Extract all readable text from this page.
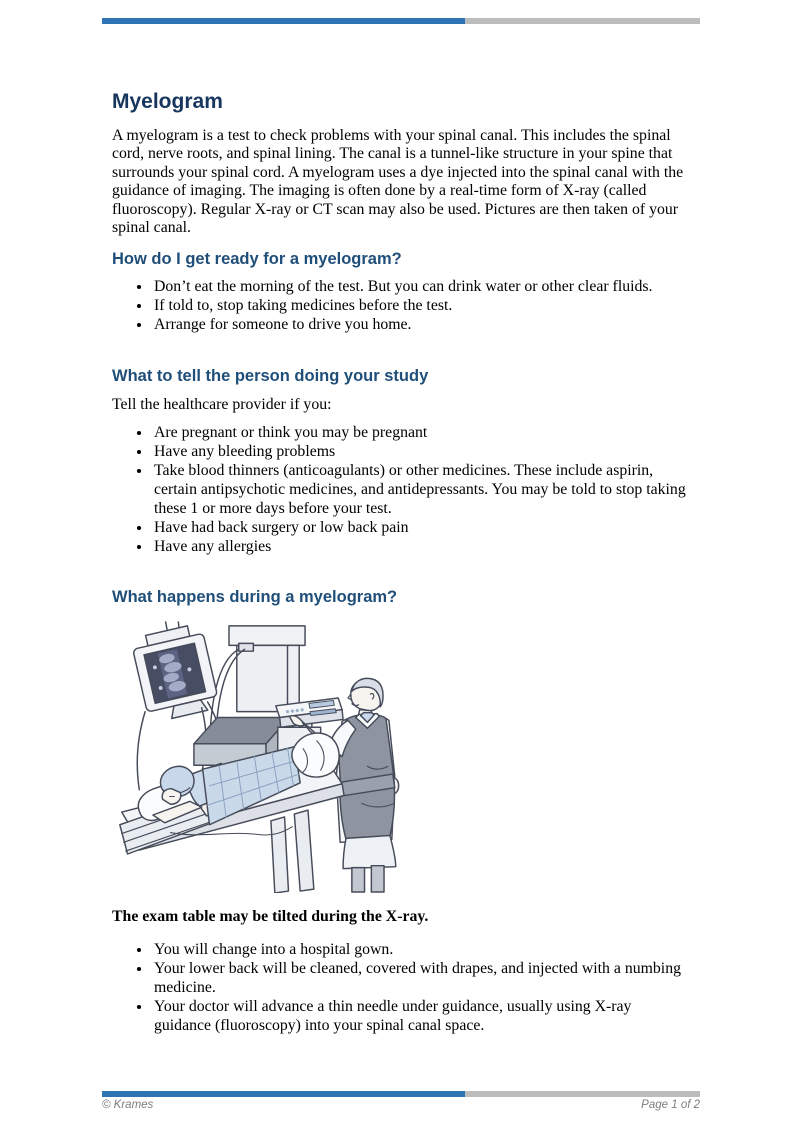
Myelogram

A myelogram is a test to check problems with your spinal canal. This includes the spinal cord, nerve roots, and spinal lining. The canal is a tunnel-like structure in your spine that surrounds your spinal cord. A myelogram uses a dye injected into the spinal canal with the guidance of imaging. The imaging is often done by a real-time form of X-ray (called fluoroscopy). Regular X-ray or CT scan may also be used. Pictures are then taken of your spinal canal.

How do I get ready for a myelogram?
• Don’t eat the morning of the test. But you can drink water or other clear fluids.
• If told to, stop taking medicines before the test.
• Arrange for someone to drive you home.
What to tell the person doing your study

Tell the healthcare provider if you:

• Are pregnant or think you may be pregnant
• Have any bleeding problems
• Take blood thinners (anticoagulants) or other medicines. These include aspirin, certain antipsychotic medicines, and antidepressants. You may be told to stop taking these 1 or more days before your test.
• Have had back surgery or low back pain
• Have any allergies
What happens during a myelogram?

The exam table may be tilted during the X-ray.

• You will change into a hospital gown.
• Your lower back will be cleaned, covered with drapes, and injected with a numbing medicine.
• Your doctor will advance a thin needle under guidance, usually using X-ray guidance (fluoroscopy) into your spinal canal space.
© Krames	Page 1 of 2
